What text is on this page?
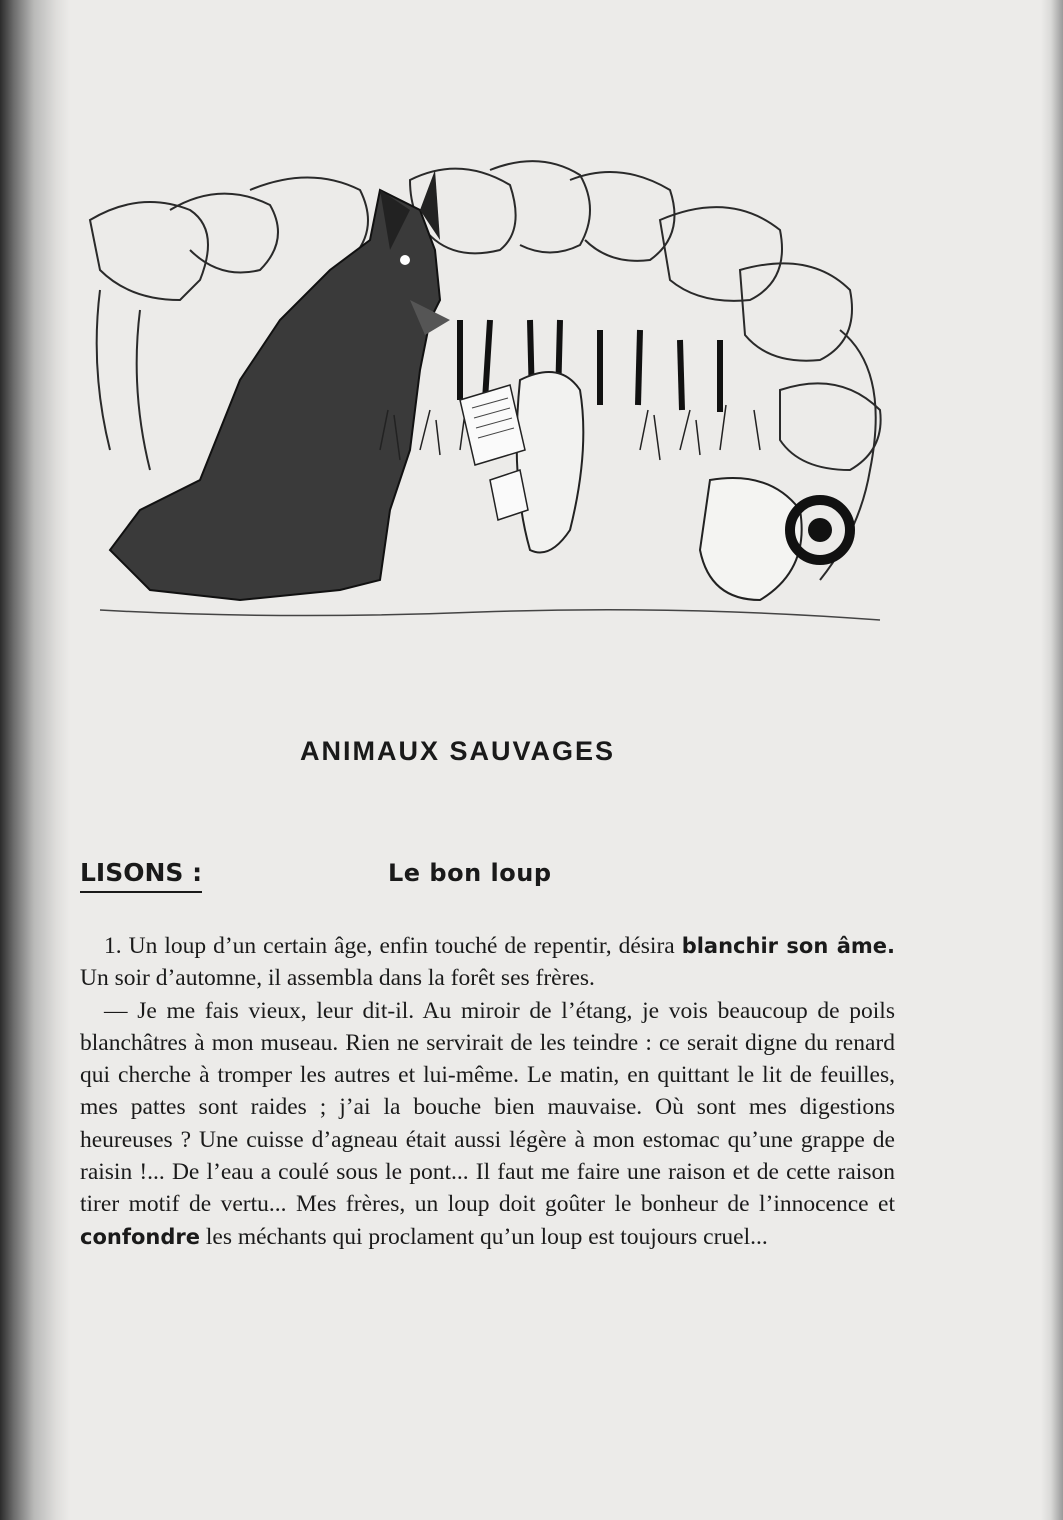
ANIMAUX SAUVAGES
LISONS :	Le bon loup

1. Un loup d’un certain âge, enfin touché de repentir, désira blanchir son âme. Un soir d’automne, il assembla dans la forêt ses frères.

— Je me fais vieux, leur dit-il. Au miroir de l’étang, je vois beaucoup de poils blanchâtres à mon museau. Rien ne servirait de les teindre : ce serait digne du renard qui cherche à tromper les autres et lui-même. Le matin, en quittant le lit de feuilles, mes pattes sont raides ; j’ai la bouche bien mauvaise. Où sont mes digestions heureuses ? Une cuisse d’agneau était aussi légère à mon estomac qu’une grappe de raisin !... De l’eau a coulé sous le pont... Il faut me faire une raison et de cette raison tirer motif de vertu... Mes frères, un loup doit goûter le bonheur de l’innocence et confondre les méchants qui proclament qu’un loup est toujours cruel...
